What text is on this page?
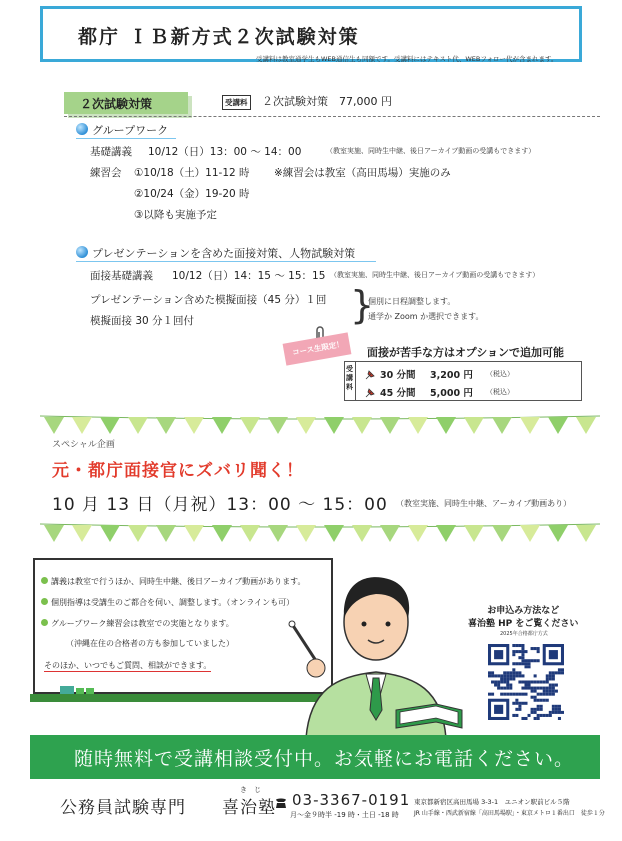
都庁 ＩＢ新方式２次試験対策
受講料は教室通学生もWEB通信生も同額です。受講料にはテキスト代、WEBフォロー代が含まれます。
２次試験対策	受講料 ２次試験対策　77,000 円
グループワーク
基礎講義 10/12（日）13：00 ～ 14：00	（教室実施、同時生中継、後日アーカイブ動画の受講もできます）
練習会 ①10/18（土）11-12 時 ※練習会は教室（高田馬場）実施のみ
②10/24（金）19-20 時
③以降も実施予定
プレゼンテーションを含めた面接対策、人物試験対策
面接基礎講義 10/12（日）14：15 ～ 15：15 （教室実施、同時生中継、後日アーカイブ動画の受講もできます）
プレゼンテーション含めた模擬面接（45 分）１回
模擬面接 30 分１回付	}
個別に日程調整します。
通学か Zoom か選択できます。
コース生限定！ 面接が苦手な方はオプションで追加可能
受講料
30 分間 3,200 円 （税込）
45 分間 5,000 円 （税込）
スペシャル企画
元・都庁面接官にズバリ聞く！
10 月 13 日（月祝）13：00 ～ 15：00 （教室実施、同時生中継、アーカイブ動画あり）
講義は教室で行うほか、同時生中継、後日アーカイブ動画があります。
個別指導は受講生のご都合を伺い、調整します。（オンラインも可）
グループワーク練習会は教室での実施となります。
（沖縄在住の合格者の方も参加していました）
そのほか、いつでもご質問、相談ができます。
お申込み方法など
喜治塾 HP をご覧ください
2025年合格都庁方式
随時無料で受講相談受付中。お気軽にお電話ください。
公務員試験専門
き　じ
喜治塾 03-3367-0191
月～金９時半 -19 時・土日 -18 時
東京都新宿区高田馬場 3-3-1　ユニオン駅前ビル５階
JR 山手線・西武新宿線「高田馬場駅」・東京メトロ１番出口　徒歩１分
